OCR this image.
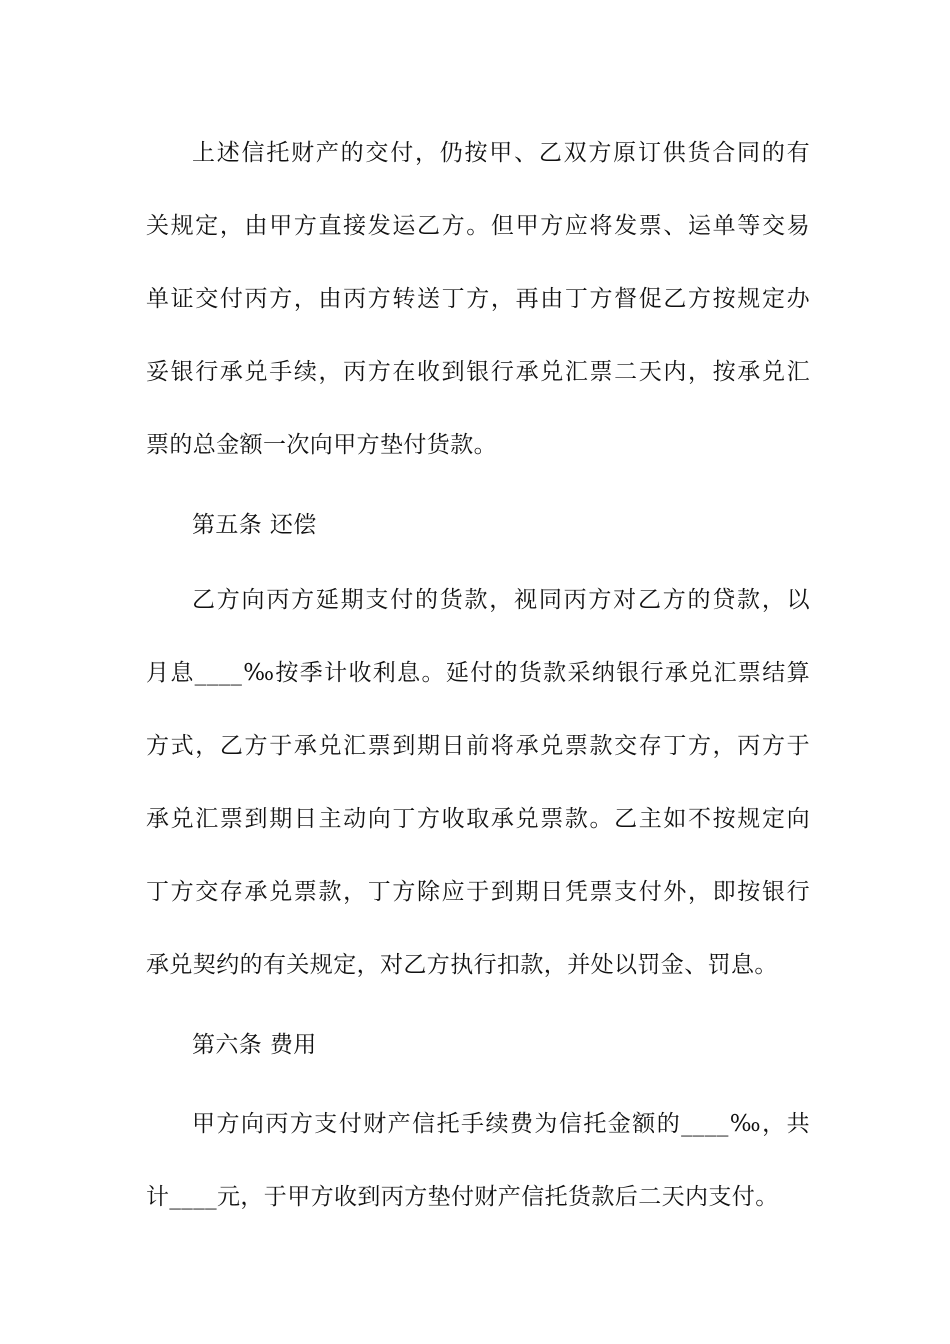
上述信托财产的交付，仍按甲、乙双方原订供货合同的有
关规定，由甲方直接发运乙方。但甲方应将发票、运单等交易
单证交付丙方，由丙方转送丁方，再由丁方督促乙方按规定办
妥银行承兑手续，丙方在收到银行承兑汇票二天内，按承兑汇
票的总金额一次向甲方垫付货款。
第五条 还偿
乙方向丙方延期支付的货款，视同丙方对乙方的贷款，以
月息____‰按季计收利息。延付的货款采纳银行承兑汇票结算
方式，乙方于承兑汇票到期日前将承兑票款交存丁方，丙方于
承兑汇票到期日主动向丁方收取承兑票款。乙主如不按规定向
丁方交存承兑票款，丁方除应于到期日凭票支付外，即按银行
承兑契约的有关规定，对乙方执行扣款，并处以罚金、罚息。
第六条 费用
甲方向丙方支付财产信托手续费为信托金额的____‰，共
计____元，于甲方收到丙方垫付财产信托货款后二天内支付。
